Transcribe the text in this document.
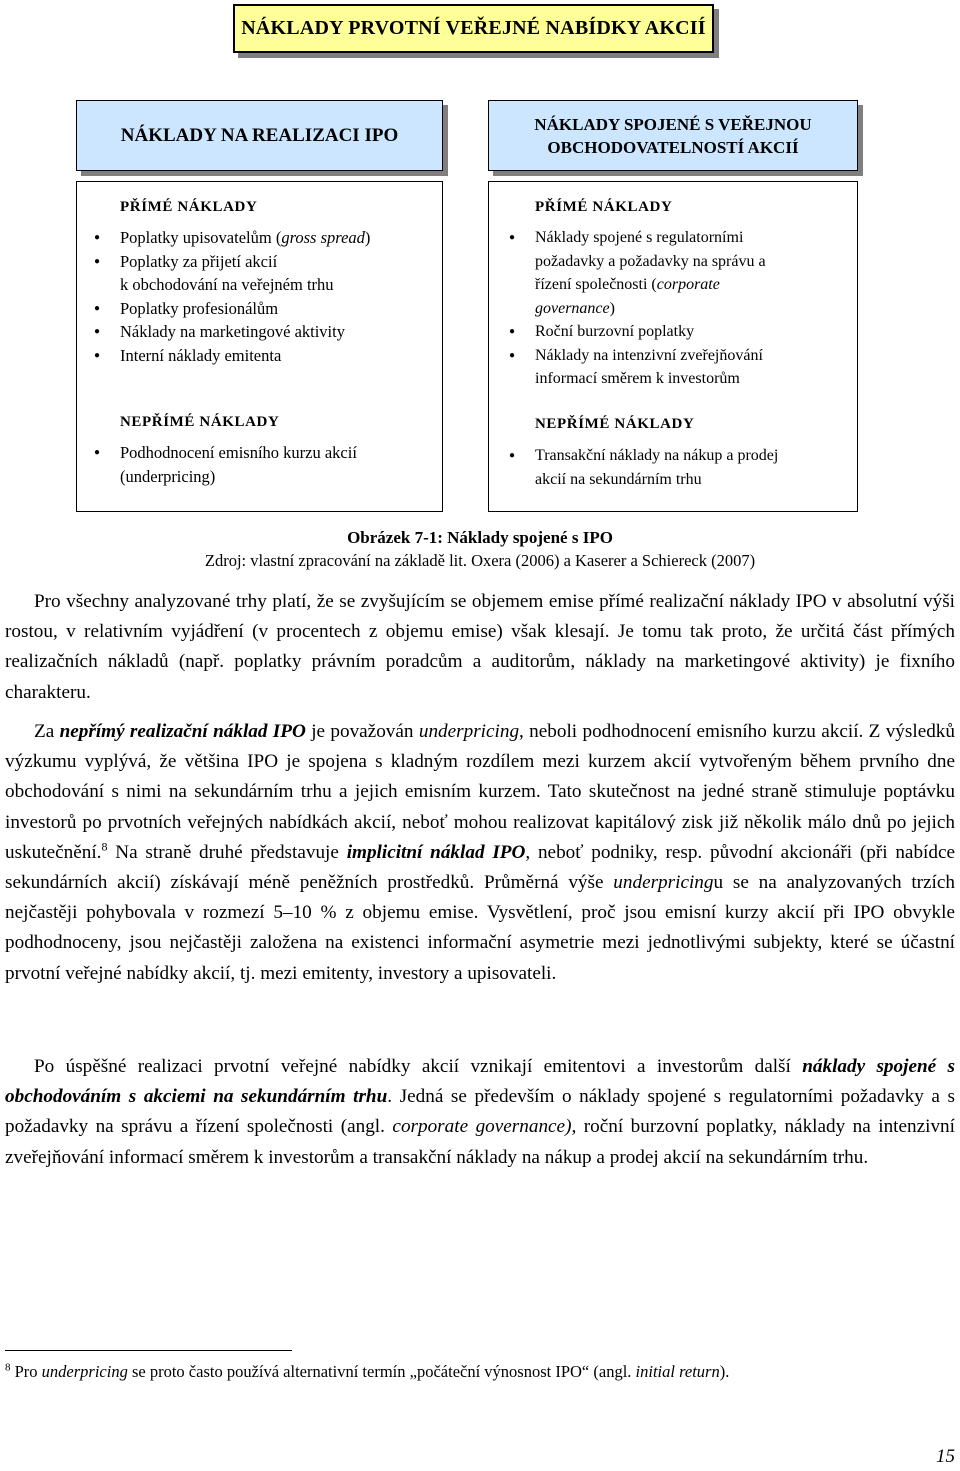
NÁKLADY PRVOTNÍ VEŘEJNÉ NABÍDKY AKCIÍ
NÁKLADY NA REALIZACI IPO
NÁKLADY SPOJENÉ S VEŘEJNOU
OBCHODOVATELNOSTÍ AKCIÍ
PŘÍMÉ NÁKLADY
● Poplatky upisovatelům (gross spread)
● Poplatky za přijetí akcií
k obchodování na veřejném trhu
● Poplatky profesionálům
● Náklady na marketingové aktivity
● Interní náklady emitenta
NEPŘÍMÉ NÁKLADY
● Podhodnocení emisního kurzu akcií
(underpricing)
PŘÍMÉ NÁKLADY
● Náklady spojené s regulatorními
požadavky a požadavky na správu a
řízení společnosti (corporate
governance)
● Roční burzovní poplatky
● Náklady na intenzivní zveřejňování
informací směrem k investorům
NEPŘÍMÉ NÁKLADY
● Transakční náklady na nákup a prodej
akcií na sekundárním trhu
Obrázek 7-1: Náklady spojené s IPO
Zdroj: vlastní zpracování na základě lit. Oxera (2006) a Kaserer a Schiereck (2007)

Pro všechny analyzované trhy platí, že se zvyšujícím se objemem emise přímé realizační náklady IPO v absolutní výši rostou, v relativním vyjádření (v procentech z objemu emise) však klesají. Je tomu tak proto, že určitá část přímých realizačních nákladů (např. poplatky právním poradcům a auditorům, náklady na marketingové aktivity) je fixního charakteru.

Za nepřímý realizační náklad IPO je považován underpricing, neboli podhodnocení emisního kurzu akcií. Z výsledků výzkumu vyplývá, že většina IPO je spojena s kladným rozdílem mezi kurzem akcií vytvořeným během prvního dne obchodování s nimi na sekundárním trhu a jejich emisním kurzem. Tato skutečnost na jedné straně stimuluje poptávku investorů po prvotních veřejných nabídkách akcií, neboť mohou realizovat kapitálový zisk již několik málo dnů po jejich uskutečnění.$^8$ Na straně druhé představuje implicitní náklad IPO, neboť podniky, resp. původní akcionáři (při nabídce sekundárních akcií) získávají méně peněžních prostředků. Průměrná výše underpricingu se na analyzovaných trzích nejčastěji pohybovala v rozmezí 5–10 % z objemu emise. Vysvětlení, proč jsou emisní kurzy akcií při IPO obvykle podhodnoceny, jsou nejčastěji založena na existenci informační asymetrie mezi jednotlivými subjekty, které se účastní prvotní veřejné nabídky akcií, tj. mezi emitenty, investory a upisovateli.

Po úspěšné realizaci prvotní veřejné nabídky akcií vznikají emitentovi a investorům další náklady spojené s obchodováním s akciemi na sekundárním trhu. Jedná se především o náklady spojené s regulatorními požadavky a s požadavky na správu a řízení společnosti (angl. corporate governance), roční burzovní poplatky, náklady na intenzivní zveřejňování informací směrem k investorům a transakční náklady na nákup a prodej akcií na sekundárním trhu.

$^8$ Pro underpricing se proto často používá alternativní termín „počáteční výnosnost IPO“ (angl. initial return).
15
